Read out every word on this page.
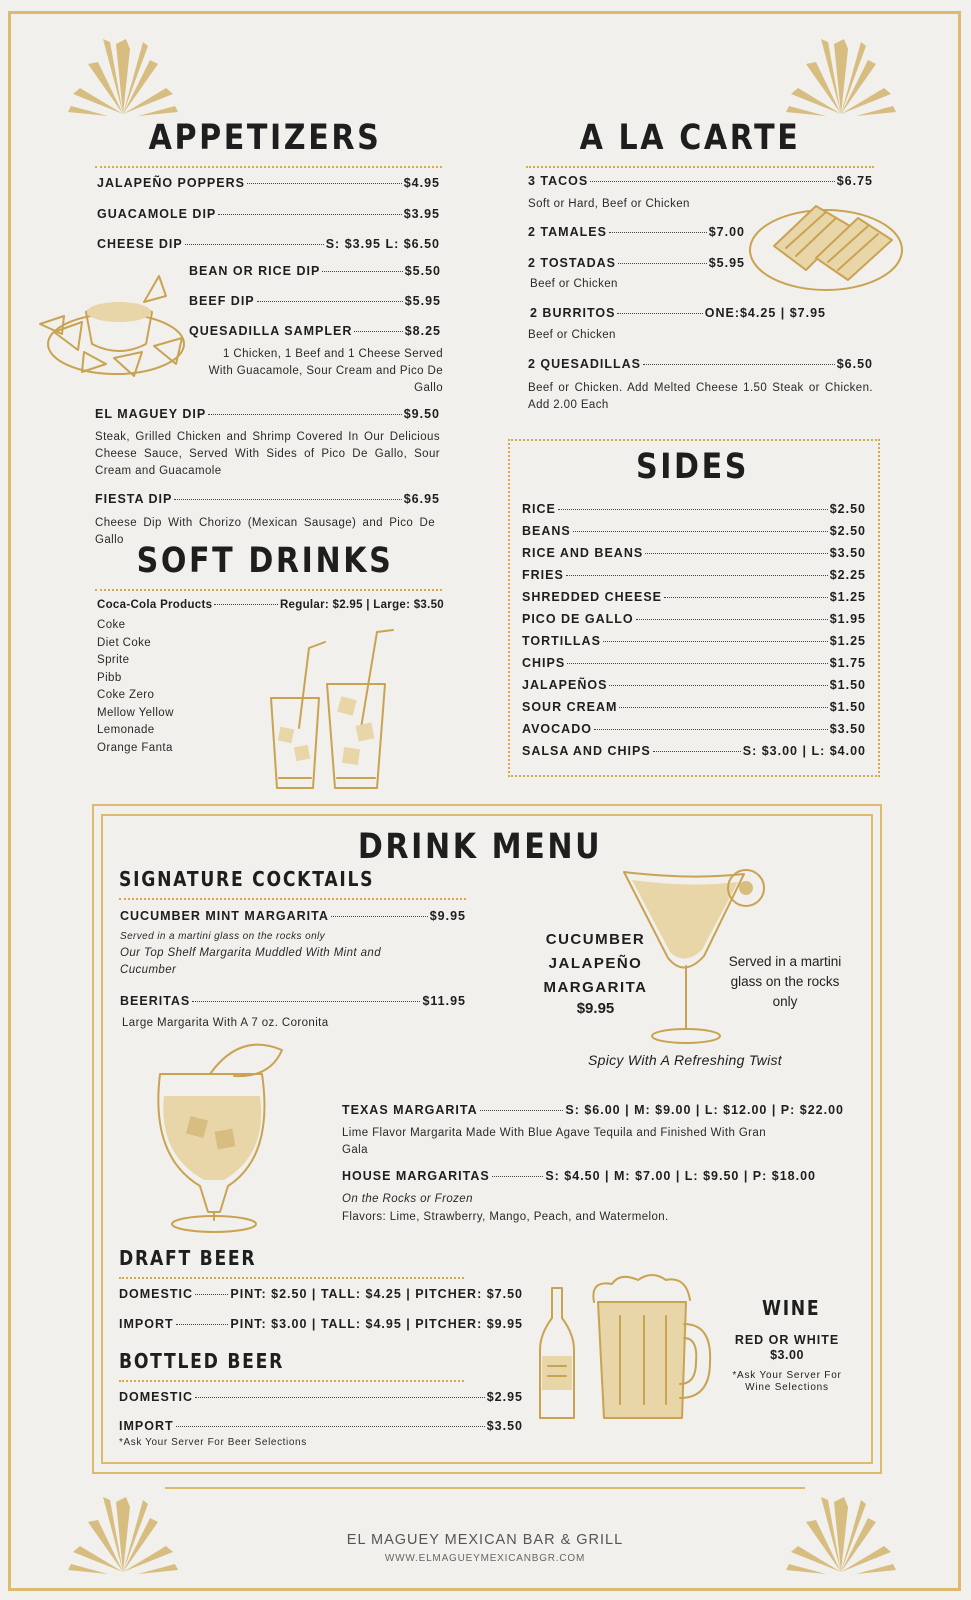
APPETIZERS
JALAPEÑO POPPERS	$4.95
GUACAMOLE DIP	$3.95
CHEESE DIP	S: $3.95 L: $6.50
BEAN OR RICE DIP	$5.50
BEEF DIP	$5.95
QUESADILLA SAMPLER	$8.25
1 Chicken, 1 Beef and 1 Cheese Served With Guacamole, Sour Cream and Pico De Gallo
EL MAGUEY DIP	$9.50
Steak, Grilled Chicken and Shrimp Covered In Our Delicious Cheese Sauce, Served With Sides of Pico De Gallo, Sour Cream and Guacamole
FIESTA DIP	$6.95
Cheese Dip With Chorizo (Mexican Sausage) and Pico De Gallo
SOFT DRINKS
Coca-Cola Products	Regular: $2.95 | Large: $3.50
Coke
Diet Coke
Sprite
Pibb
Coke Zero
Mellow Yellow
Lemonade
Orange Fanta
A LA CARTE
3 TACOS	$6.75
Soft or Hard, Beef or Chicken
2 TAMALES	$7.00
2 TOSTADAS	$5.95
Beef or Chicken
2 BURRITOS	ONE:$4.25 | $7.95
Beef or Chicken
2 QUESADILLAS	$6.50
Beef or Chicken. Add Melted Cheese 1.50 Steak or Chicken. Add 2.00 Each
SIDES
RICE	$2.50
BEANS	$2.50
RICE AND BEANS	$3.50
FRIES	$2.25
SHREDDED CHEESE	$1.25
PICO DE GALLO	$1.95
TORTILLAS	$1.25
CHIPS	$1.75
JALAPEÑOS	$1.50
SOUR CREAM	$1.50
AVOCADO	$3.50
SALSA AND CHIPS	S: $3.00 | L: $4.00
DRINK MENU
SIGNATURE COCKTAILS
CUCUMBER MINT MARGARITA	$9.95
Served in a martini glass on the rocks only
Our Top Shelf Margarita Muddled With Mint and Cucumber
BEERITAS	$11.95
Large Margarita With A 7 oz. Coronita
CUCUMBER JALAPEÑO MARGARITA
$9.95
Served in a martini glass on the rocks only
Spicy With A Refreshing Twist
TEXAS MARGARITA	S: $6.00 | M: $9.00 | L: $12.00 | P: $22.00
Lime Flavor Margarita Made With Blue Agave Tequila and Finished With Gran Gala
HOUSE MARGARITAS	S: $4.50 | M: $7.00 | L: $9.50 | P: $18.00
On the Rocks or Frozen
Flavors: Lime, Strawberry, Mango, Peach, and Watermelon.
DRAFT BEER
DOMESTIC	PINT: $2.50 | TALL: $4.25 | PITCHER: $7.50
IMPORT	PINT: $3.00 | TALL: $4.95 | PITCHER: $9.95
BOTTLED BEER
DOMESTIC	$2.95
IMPORT	$3.50
*Ask Your Server For Beer Selections
WINE
RED OR WHITE
$3.00
*Ask Your Server For Wine Selections
EL MAGUEY MEXICAN BAR & GRILL
WWW.ELMAGUEYMEXICANBGR.COM
